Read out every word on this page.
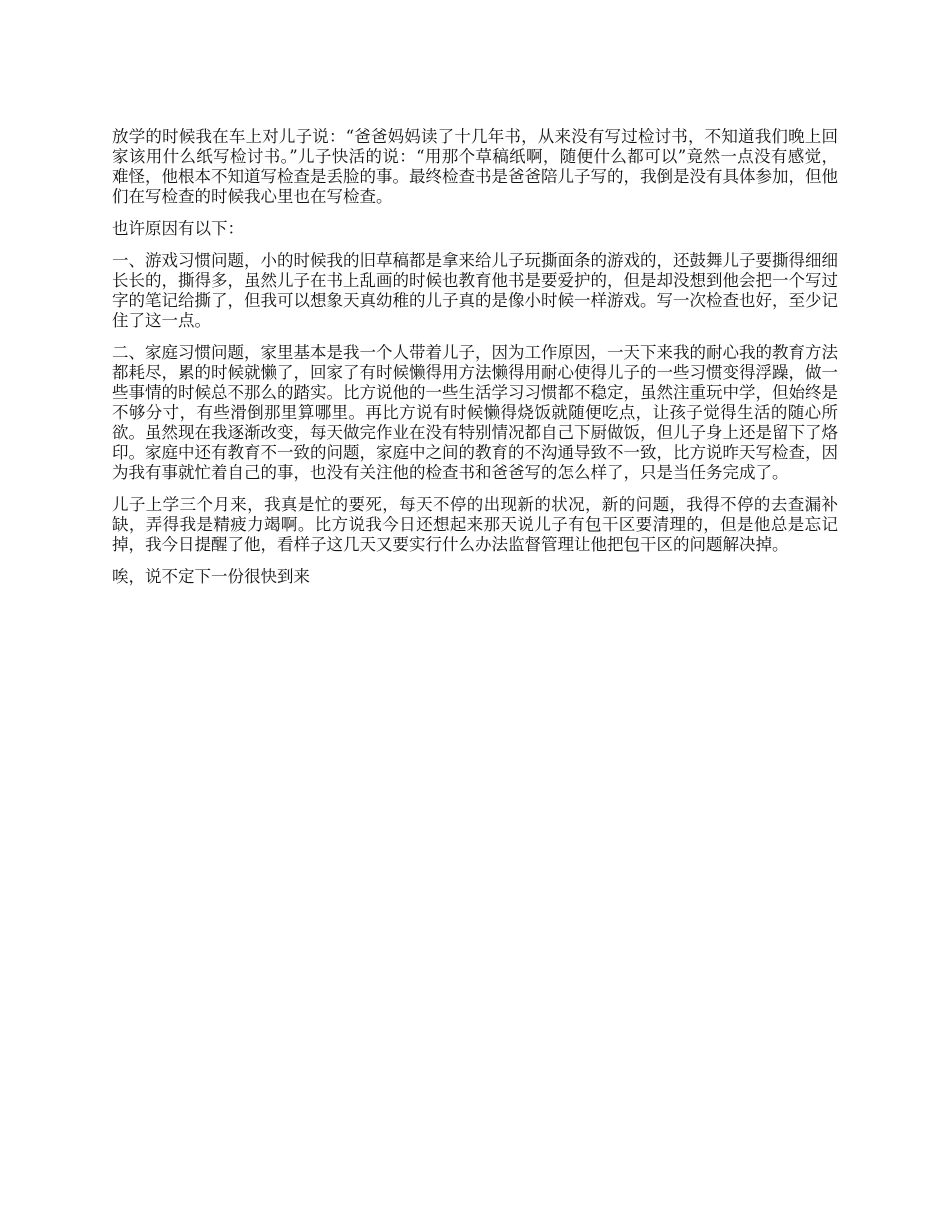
放学的时候我在车上对儿子说：“爸爸妈妈读了十几年书，从来没有写过检讨书，不知道我们晚上回家该用什么纸写检讨书。”儿子快活的说：“用那个草稿纸啊，随便什么都可以”竟然一点没有感觉，难怪，他根本不知道写检查是丢脸的事。最终检查书是爸爸陪儿子写的，我倒是没有具体参加，但他们在写检查的时候我心里也在写检查。

也许原因有以下：

一、游戏习惯问题，小的时候我的旧草稿都是拿来给儿子玩撕面条的游戏的，还鼓舞儿子要撕得细细长长的，撕得多，虽然儿子在书上乱画的时候也教育他书是要爱护的，但是却没想到他会把一个写过字的笔记给撕了，但我可以想象天真幼稚的儿子真的是像小时候一样游戏。写一次检查也好，至少记住了这一点。

二、家庭习惯问题，家里基本是我一个人带着儿子，因为工作原因，一天下来我的耐心我的教育方法都耗尽，累的时候就懒了，回家了有时候懒得用方法懒得用耐心使得儿子的一些习惯变得浮躁，做一些事情的时候总不那么的踏实。比方说他的一些生活学习习惯都不稳定，虽然注重玩中学，但始终是不够分寸，有些滑倒那里算哪里。再比方说有时候懒得烧饭就随便吃点，让孩子觉得生活的随心所欲。虽然现在我逐渐改变，每天做完作业在没有特别情况都自己下厨做饭，但儿子身上还是留下了烙印。家庭中还有教育不一致的问题，家庭中之间的教育的不沟通导致不一致，比方说昨天写检查，因为我有事就忙着自己的事，也没有关注他的检查书和爸爸写的怎么样了，只是当任务完成了。

儿子上学三个月来，我真是忙的要死，每天不停的出现新的状况，新的问题，我得不停的去查漏补缺，弄得我是精疲力竭啊。比方说我今日还想起来那天说儿子有包干区要清理的，但是他总是忘记掉，我今日提醒了他，看样子这几天又要实行什么办法监督管理让他把包干区的问题解决掉。

唉，说不定下一份很快到来
